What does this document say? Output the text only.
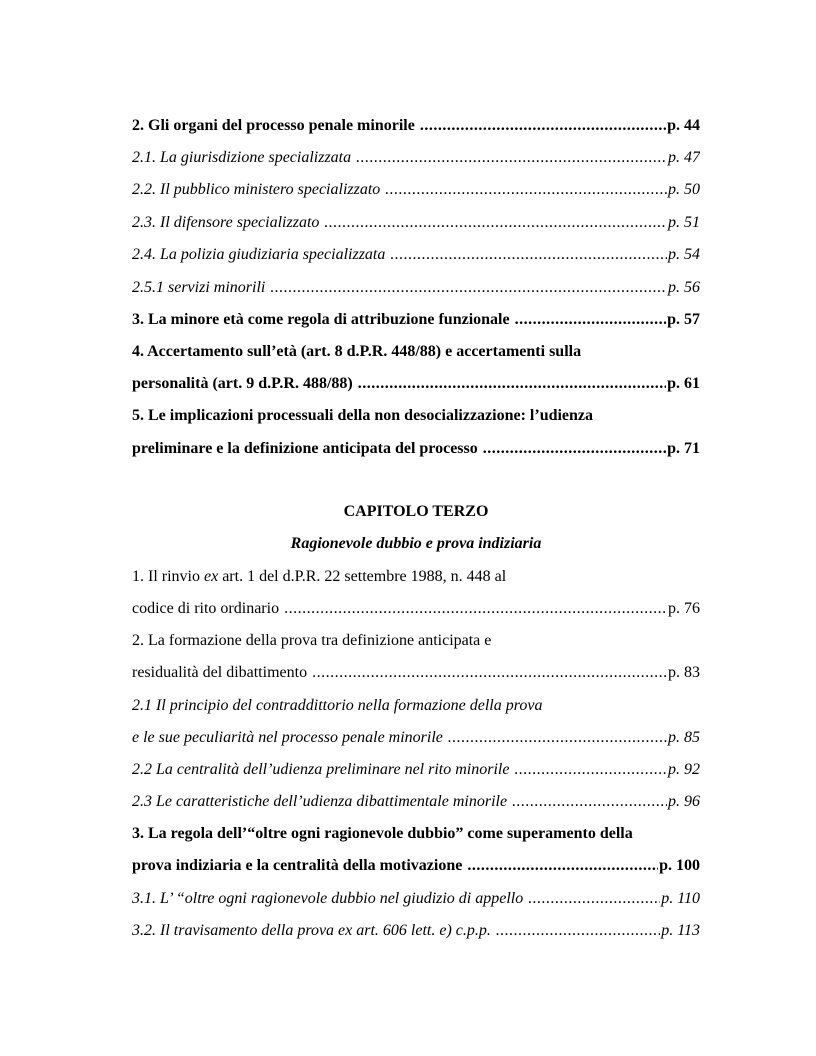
2. Gli organi del processo penale minorile .....	p. 44
2.1. La giurisdizione specializzata .....	p. 47
2.2. Il pubblico ministero specializzato .....	p. 50
2.3. Il difensore specializzato .....	p. 51
2.4. La polizia giudiziaria specializzata .....	p. 54
2.5.1 servizi minorili .....	p. 56
3. La minore età come regola di attribuzione funzionale .....	p. 57
4. Accertamento sull’età (art. 8 d.P.R. 448/88) e accertamenti sulla
personalità (art. 9 d.P.R. 488/88) .....	p. 61
5. Le implicazioni processuali della non desocializzazione: l’udienza
preliminare e la definizione anticipata del processo .....	p. 71
CAPITOLO TERZO
Ragionevole dubbio e prova indiziaria
1. Il rinvio ex art. 1 del d.P.R. 22 settembre 1988, n. 448 al
codice di rito ordinario .....	p. 76
2. La formazione della prova tra definizione anticipata e
residualità del dibattimento .....	p. 83
2.1 Il principio del contraddittorio nella formazione della prova
e le sue peculiarità nel processo penale minorile .....	p. 85
2.2 La centralità dell’udienza preliminare nel rito minorile .....	p. 92
2.3 Le caratteristiche dell’udienza dibattimentale minorile .....	p. 96
3. La regola dell’“oltre ogni ragionevole dubbio” come superamento della
prova indiziaria e la centralità della motivazione .....	p. 100
3.1. L’ “oltre ogni ragionevole dubbio nel giudizio di appello .....	p. 110
3.2. Il travisamento della prova ex art. 606 lett. e) c.p.p. .....	p. 113
